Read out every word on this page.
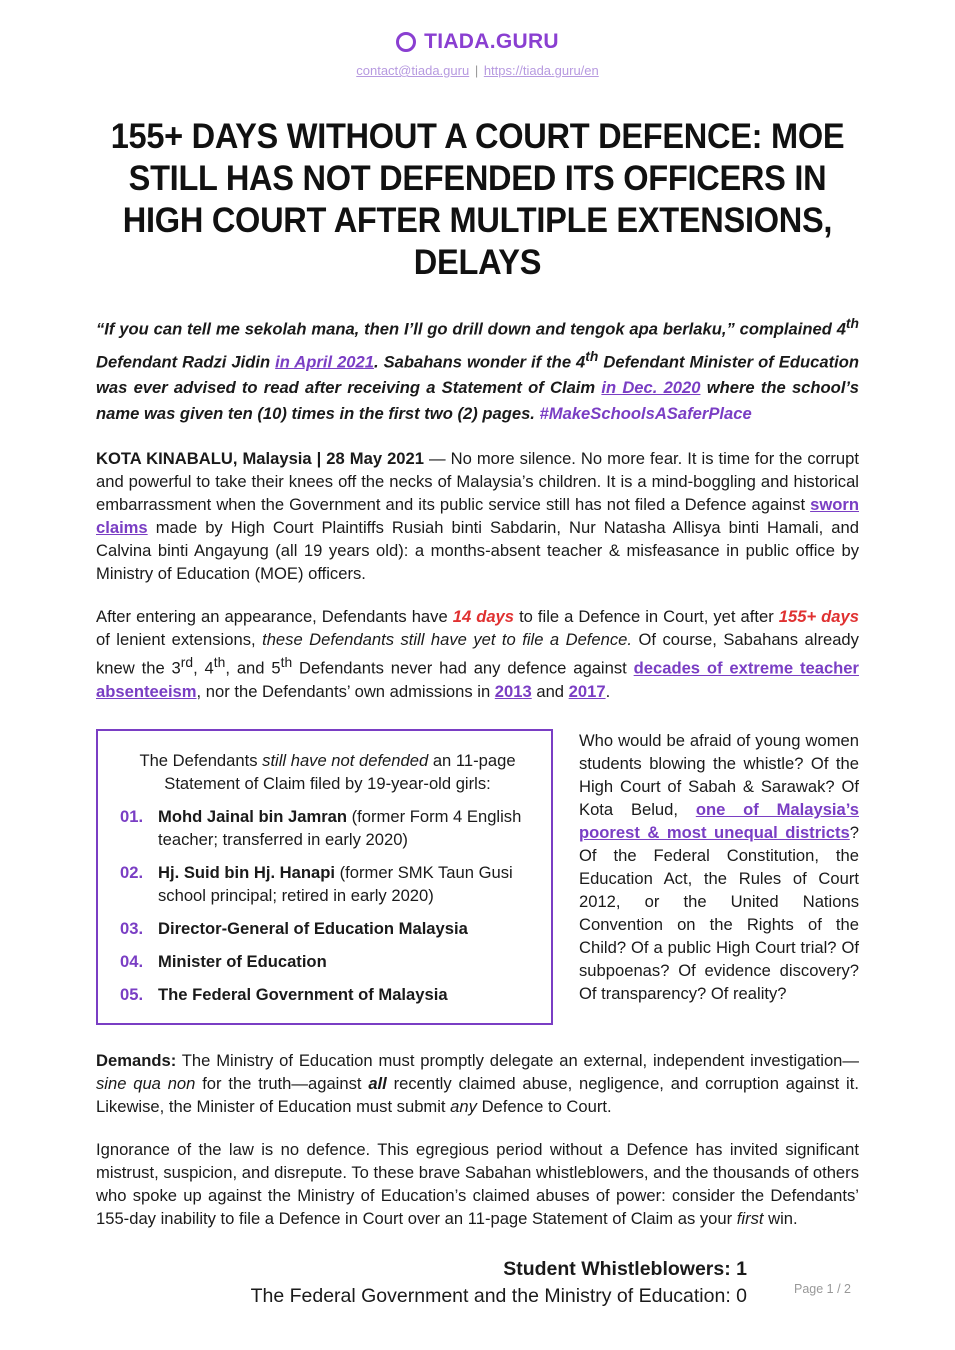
TIADA.GURU
contact@tiada.guru | https://tiada.guru/en
155+ DAYS WITHOUT A COURT DEFENCE: MOE STILL HAS NOT DEFENDED ITS OFFICERS IN HIGH COURT AFTER MULTIPLE EXTENSIONS, DELAYS
“If you can tell me sekolah mana, then I’ll go drill down and tengok apa berlaku,” complained 4th Defendant Radzi Jidin in April 2021. Sabahans wonder if the 4th Defendant Minister of Education was ever advised to read after receiving a Statement of Claim in Dec. 2020 where the school’s name was given ten (10) times in the first two (2) pages. #MakeSchoolsASaferPlace
KOTA KINABALU, Malaysia | 28 May 2021 — No more silence. No more fear. It is time for the corrupt and powerful to take their knees off the necks of Malaysia’s children. It is a mind-boggling and historical embarrassment when the Government and its public service still has not filed a Defence against sworn claims made by High Court Plaintiffs Rusiah binti Sabdarin, Nur Natasha Allisya binti Hamali, and Calvina binti Angayung (all 19 years old): a months-absent teacher & misfeasance in public office by Ministry of Education (MOE) officers.
After entering an appearance, Defendants have 14 days to file a Defence in Court, yet after 155+ days of lenient extensions, these Defendants still have yet to file a Defence. Of course, Sabahans already knew the 3rd, 4th, and 5th Defendants never had any defence against decades of extreme teacher absenteeism, nor the Defendants’ own admissions in 2013 and 2017.
The Defendants still have not defended an 11-page Statement of Claim filed by 19-year-old girls:
01. Mohd Jainal bin Jamran (former Form 4 English teacher; transferred in early 2020)
02. Hj. Suid bin Hj. Hanapi (former SMK Taun Gusi school principal; retired in early 2020)
03. Director-General of Education Malaysia
04. Minister of Education
05. The Federal Government of Malaysia
Who would be afraid of young women students blowing the whistle? Of the High Court of Sabah & Sarawak? Of Kota Belud, one of Malaysia’s poorest & most unequal districts? Of the Federal Constitution, the Education Act, the Rules of Court 2012, or the United Nations Convention on the Rights of the Child? Of a public High Court trial? Of subpoenas? Of evidence discovery? Of transparency? Of reality?
Demands: The Ministry of Education must promptly delegate an external, independent investigation—sine qua non for the truth—against all recently claimed abuse, negligence, and corruption against it. Likewise, the Minister of Education must submit any Defence to Court.
Ignorance of the law is no defence. This egregious period without a Defence has invited significant mistrust, suspicion, and disrepute. To these brave Sabahan whistleblowers, and the thousands of others who spoke up against the Ministry of Education’s claimed abuses of power: consider the Defendants’ 155-day inability to file a Defence in Court over an 11-page Statement of Claim as your first win.
Student Whistleblowers: 1
The Federal Government and the Ministry of Education: 0	Page 1 / 2
